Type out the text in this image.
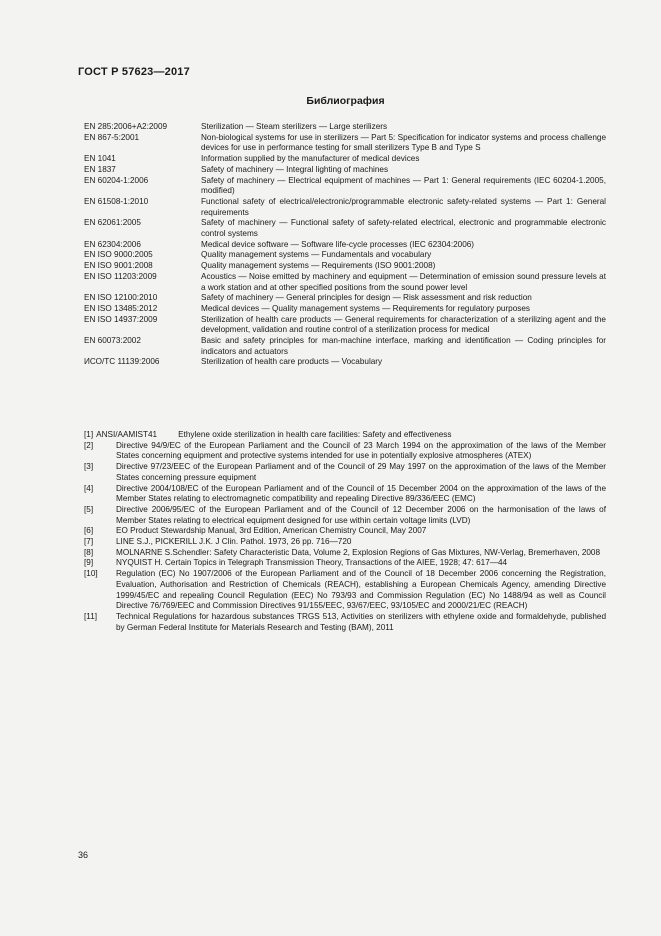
ГОСТ Р 57623—2017
Библиография
EN 285:2006+A2:2009	Sterilization — Steam sterilizers — Large sterilizers
EN 867-5:2001	Non-biological systems for use in sterilizers — Part 5: Specification for indicator systems and process challenge devices for use in performance testing for small sterilizers Type B and Type S
EN 1041	Information supplied by the manufacturer of medical devices
EN 1837	Safety of machinery — Integral lighting of machines
EN 60204-1:2006	Safety of machinery — Electrical equipment of machines — Part 1: General requirements (IEC 60204-1.2005, modified)
EN 61508-1:2010	Functional safety of electrical/electronic/programmable electronic safety-related systems — Part 1: General requirements
EN 62061:2005	Safety of machinery — Functional safety of safety-related electrical, electronic and programmable electronic control systems
EN 62304:2006	Medical device software — Software life-cycle processes (IEC 62304:2006)
EN ISO 9000:2005	Quality management systems — Fundamentals and vocabulary
EN ISO 9001:2008	Quality management systems — Requirements (ISO 9001:2008)
EN ISO 11203:2009	Acoustics — Noise emitted by machinery and equipment — Determination of emission sound pressure levels at a work station and at other specified positions from the sound power level
EN ISO 12100:2010	Safety of machinery — General principles for design — Risk assessment and risk reduction
EN ISO 13485:2012	Medical devices — Quality management systems — Requirements for regulatory purposes
EN ISO 14937:2009	Sterilization of health care products — General requirements for characterization of a sterilizing agent and the development, validation and routine control of a sterilization process for medical
EN 60073:2002	Basic and safety principles for man-machine interface, marking and identification — Coding principles for indicators and actuators
ИСО/ТС 11139:2006	Sterilization of health care products — Vocabulary
[1] ANSI/AAMIST41	Ethylene oxide sterilization in health care facilities: Safety and effectiveness
[2]	Directive 94/9/EC of the European Parliament and the Council of 23 March 1994 on the approximation of the laws of the Member States concerning equipment and protective systems intended for use in potentially explosive atmospheres (ATEX)
[3]	Directive 97/23/EEC of the European Parliament and of the Council of 29 May 1997 on the approximation of the laws of the Member States concerning pressure equipment
[4]	Directive 2004/108/EC of the European Parliament and of the Council of 15 December 2004 on the approximation of the laws of the Member States relating to electromagnetic compatibility and repealing Directive 89/336/EEC (EMC)
[5]	Directive 2006/95/EC of the European Parliament and of the Council of 12 December 2006 on the harmonisation of the laws of Member States relating to electrical equipment designed for use within certain voltage limits (LVD)
[6]	EO Product Stewardship Manual, 3rd Edition, American Chemistry Council, May 2007
[7]	LINE S.J., PICKERILL J.K. J Clin. Pathol. 1973, 26 pp. 716—720
[8]	MOLNARNE S.Schendler: Safety Characteristic Data, Volume 2, Explosion Regions of Gas Mixtures, NW-Verlag, Bremerhaven, 2008
[9]	NYQUIST H. Certain Topics in Telegraph Transmission Theory, Transactions of the AIEE, 1928; 47: 617—44
[10]	Regulation (EC) No 1907/2006 of the European Parliament and of the Council of 18 December 2006 concerning the Registration, Evaluation, Authorisation and Restriction of Chemicals (REACH), establishing a European Chemicals Agency, amending Directive 1999/45/EC and repealing Council Regulation (EEC) No 793/93 and Commission Regulation (EC) No 1488/94 as well as Council Directive 76/769/EEC and Commission Directives 91/155/EEC, 93/67/EEC, 93/105/EC and 2000/21/EC (REACH)
[11]	Technical Regulations for hazardous substances TRGS 513, Activities on sterilizers with ethylene oxide and formaldehyde, published by German Federal Institute for Materials Research and Testing (BAM), 2011
36
